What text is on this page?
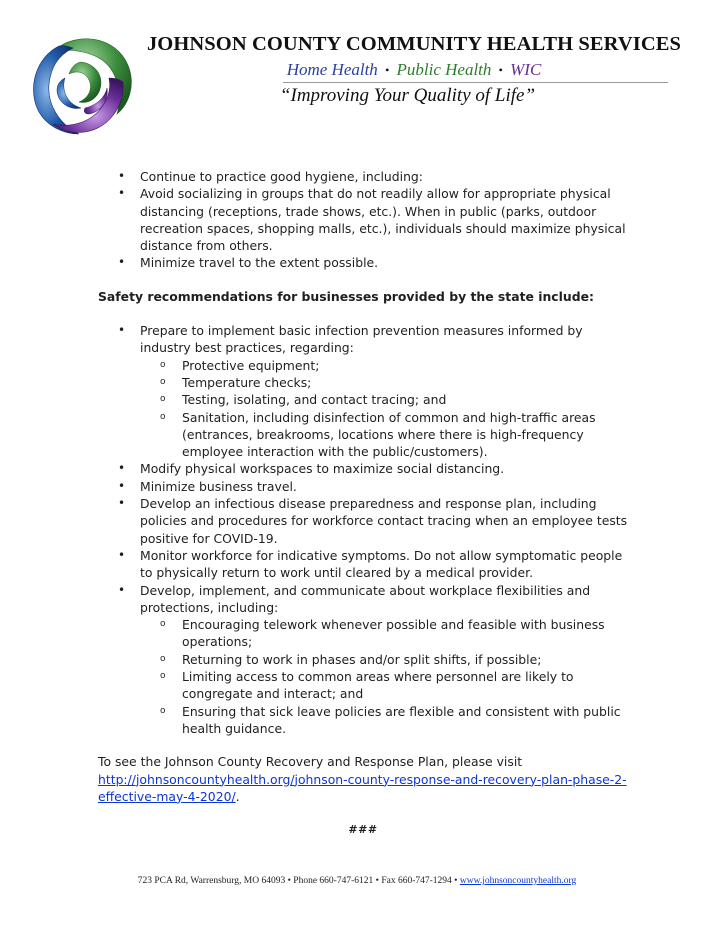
JOHNSON COUNTY COMMUNITY HEALTH SERVICES
Home Health • Public Health • WIC
“Improving Your Quality of Life”
• Continue to practice good hygiene, including:
• Avoid socializing in groups that do not readily allow for appropriate physical distancing (receptions, trade shows, etc.). When in public (parks, outdoor recreation spaces, shopping malls, etc.), individuals should maximize physical distance from others.
• Minimize travel to the extent possible.
Safety recommendations for businesses provided by the state include:
• Prepare to implement basic infection prevention measures informed by industry best practices, regarding:
o Protective equipment;
o Temperature checks;
o Testing, isolating, and contact tracing; and
o Sanitation, including disinfection of common and high-traffic areas (entrances, breakrooms, locations where there is high-frequency employee interaction with the public/customers).
• Modify physical workspaces to maximize social distancing.
• Minimize business travel.
• Develop an infectious disease preparedness and response plan, including policies and procedures for workforce contact tracing when an employee tests positive for COVID-19.
• Monitor workforce for indicative symptoms. Do not allow symptomatic people to physically return to work until cleared by a medical provider.
• Develop, implement, and communicate about workplace flexibilities and protections, including:
o Encouraging telework whenever possible and feasible with business operations;
o Returning to work in phases and/or split shifts, if possible;
o Limiting access to common areas where personnel are likely to congregate and interact; and
o Ensuring that sick leave policies are flexible and consistent with public health guidance.
To see the Johnson County Recovery and Response Plan, please visit
http://johnsoncountyhealth.org/johnson-county-response-and-recovery-plan-phase-2-effective-may-4-2020/.
###
723 PCA Rd, Warrensburg, MO 64093 • Phone 660-747-6121 • Fax 660-747-1294 • www.johnsoncountyhealth.org
